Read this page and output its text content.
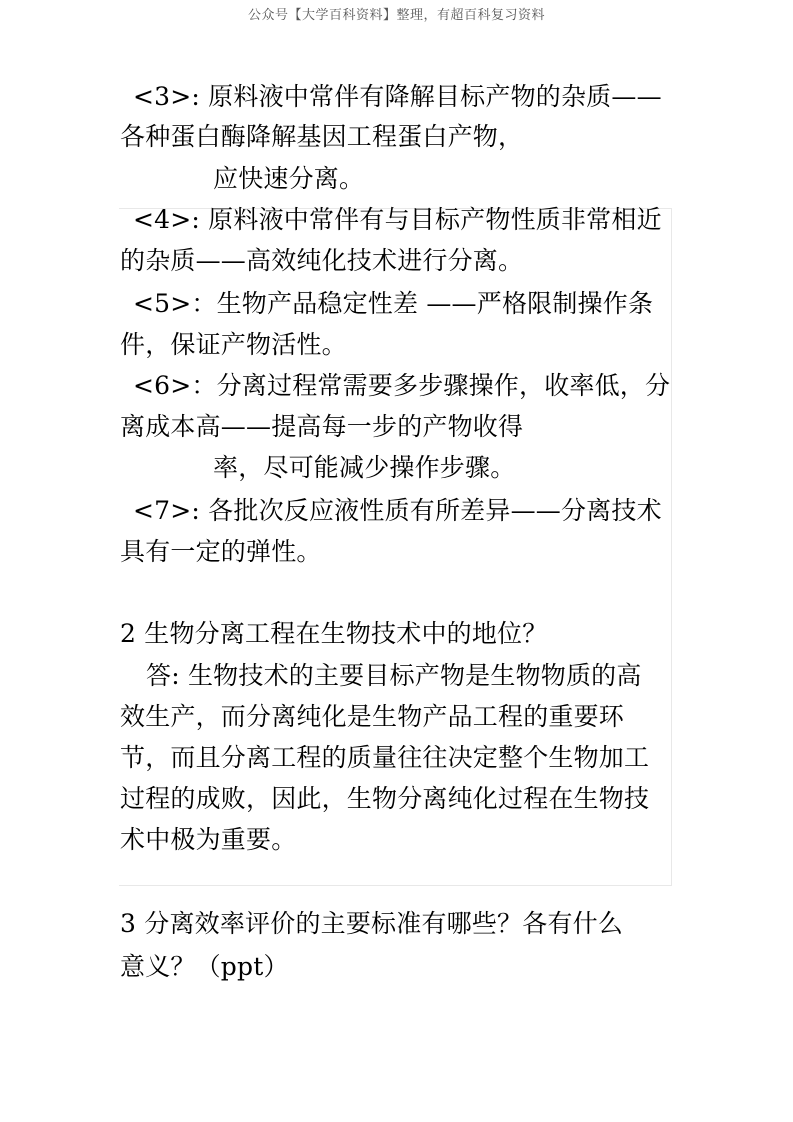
公众号【大学百科资料】整理，有超百科复习资料
<3>: 原料液中常伴有降解目标产物的杂质——
各种蛋白酶降解基因工程蛋白产物，
应快速分离。
<4>: 原料液中常伴有与目标产物性质非常相近
的杂质——高效纯化技术进行分离。
<5>：生物产品稳定性差 ——严格限制操作条
件，保证产物活性。
<6>：分离过程常需要多步骤操作，收率低，分
离成本高——提高每一步的产物收得
率，尽可能减少操作步骤。
<7>: 各批次反应液性质有所差异——分离技术
具有一定的弹性。
2 生物分离工程在生物技术中的地位？
答: 生物技术的主要目标产物是生物物质的高
效生产，而分离纯化是生物产品工程的重要环
节，而且分离工程的质量往往决定整个生物加工
过程的成败，因此，生物分离纯化过程在生物技
术中极为重要。
3 分离效率评价的主要标准有哪些？各有什么
意义？（ppt）
